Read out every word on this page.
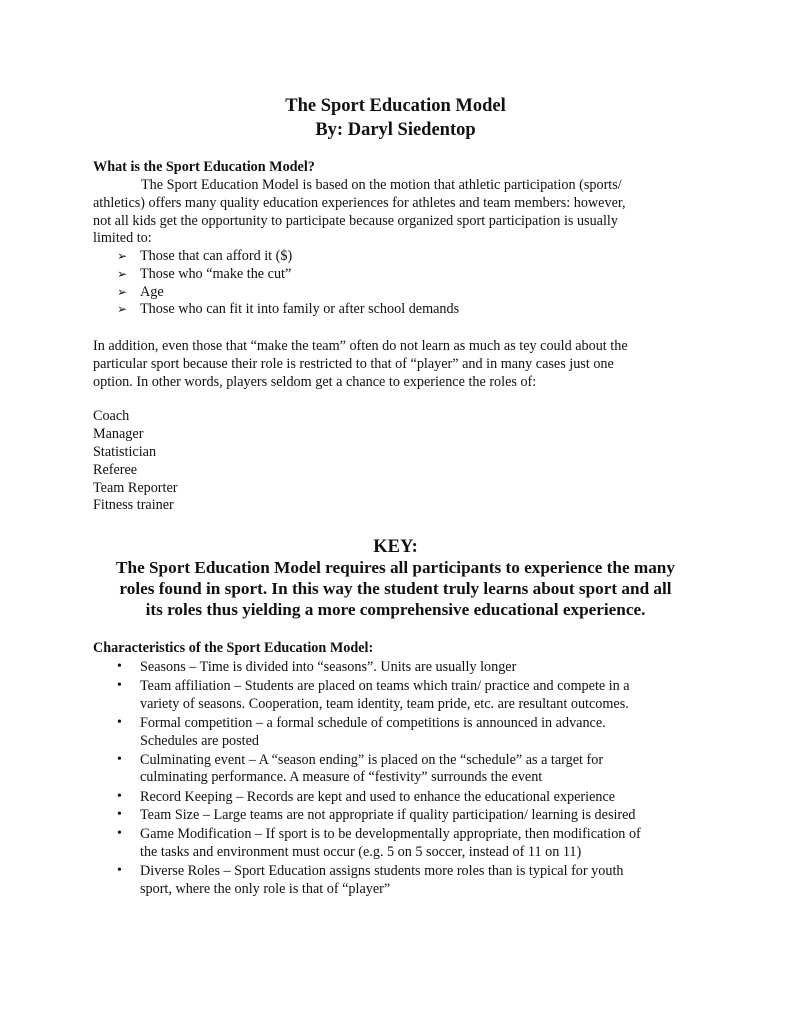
The Sport Education Model
By: Daryl Siedentop
What is the Sport Education Model?
The Sport Education Model is based on the motion that athletic participation (sports/
athletics) offers many quality education experiences for athletes and team members: however,
not all kids get the opportunity to participate because organized sport participation is usually
limited to:
➢ Those that can afford it ($)
➢ Those who “make the cut”
➢ Age
➢ Those who can fit it into family or after school demands
In addition, even those that “make the team” often do not learn as much as tey could about the
particular sport because their role is restricted to that of “player” and in many cases just one
option. In other words, players seldom get a chance to experience the roles of:
Coach
Manager
Statistician
Referee
Team Reporter
Fitness trainer
KEY:
The Sport Education Model requires all participants to experience the many
roles found in sport. In this way the student truly learns about sport and all
its roles thus yielding a more comprehensive educational experience.
Characteristics of the Sport Education Model:
• Seasons – Time is divided into “seasons”. Units are usually longer
• Team affiliation – Students are placed on teams which train/ practice and compete in a
variety of seasons. Cooperation, team identity, team pride, etc. are resultant outcomes.
• Formal competition – a formal schedule of competitions is announced in advance.
Schedules are posted
• Culminating event – A “season ending” is placed on the “schedule” as a target for
culminating performance. A measure of “festivity” surrounds the event
• Record Keeping – Records are kept and used to enhance the educational experience
• Team Size – Large teams are not appropriate if quality participation/ learning is desired
• Game Modification – If sport is to be developmentally appropriate, then modification of
the tasks and environment must occur (e.g. 5 on 5 soccer, instead of 11 on 11)
• Diverse Roles – Sport Education assigns students more roles than is typical for youth
sport, where the only role is that of “player”
